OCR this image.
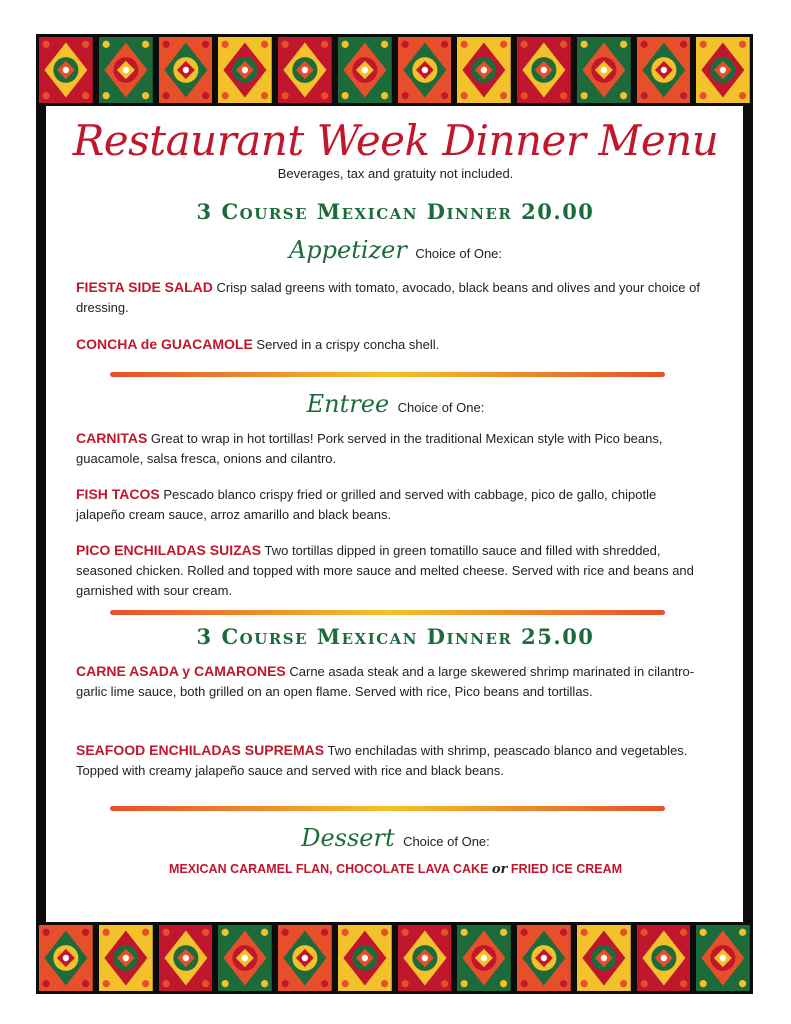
Restaurant Week Dinner Menu
Beverages, tax and gratuity not included.
3 Course Mexican Dinner 20.00
Appetizer Choice of One:
FIESTA SIDE SALAD Crisp salad greens with tomato, avocado, black beans and olives and your choice of dressing.
CONCHA de GUACAMOLE Served in a crispy concha shell.
Entree Choice of One:
CARNITAS Great to wrap in hot tortillas! Pork served in the traditional Mexican style with Pico beans, guacamole, salsa fresca, onions and cilantro.
FISH TACOS Pescado blanco crispy fried or grilled and served with cabbage, pico de gallo, chipotle jalapeño cream sauce, arroz amarillo and black beans.
PICO ENCHILADAS SUIZAS Two tortillas dipped in green tomatillo sauce and filled with shredded, seasoned chicken. Rolled and topped with more sauce and melted cheese. Served with rice and beans and garnished with sour cream.
3 Course Mexican Dinner 25.00
CARNE ASADA y CAMARONES Carne asada steak and a large skewered shrimp marinated in cilantro-garlic lime sauce, both grilled on an open flame. Served with rice, Pico beans and tortillas.
SEAFOOD ENCHILADAS SUPREMAS Two enchiladas with shrimp, peascado blanco and vegetables. Topped with creamy jalapeño sauce and served with rice and black beans.
Dessert Choice of One:
MEXICAN CARAMEL FLAN, CHOCOLATE LAVA CAKE or FRIED ICE CREAM
